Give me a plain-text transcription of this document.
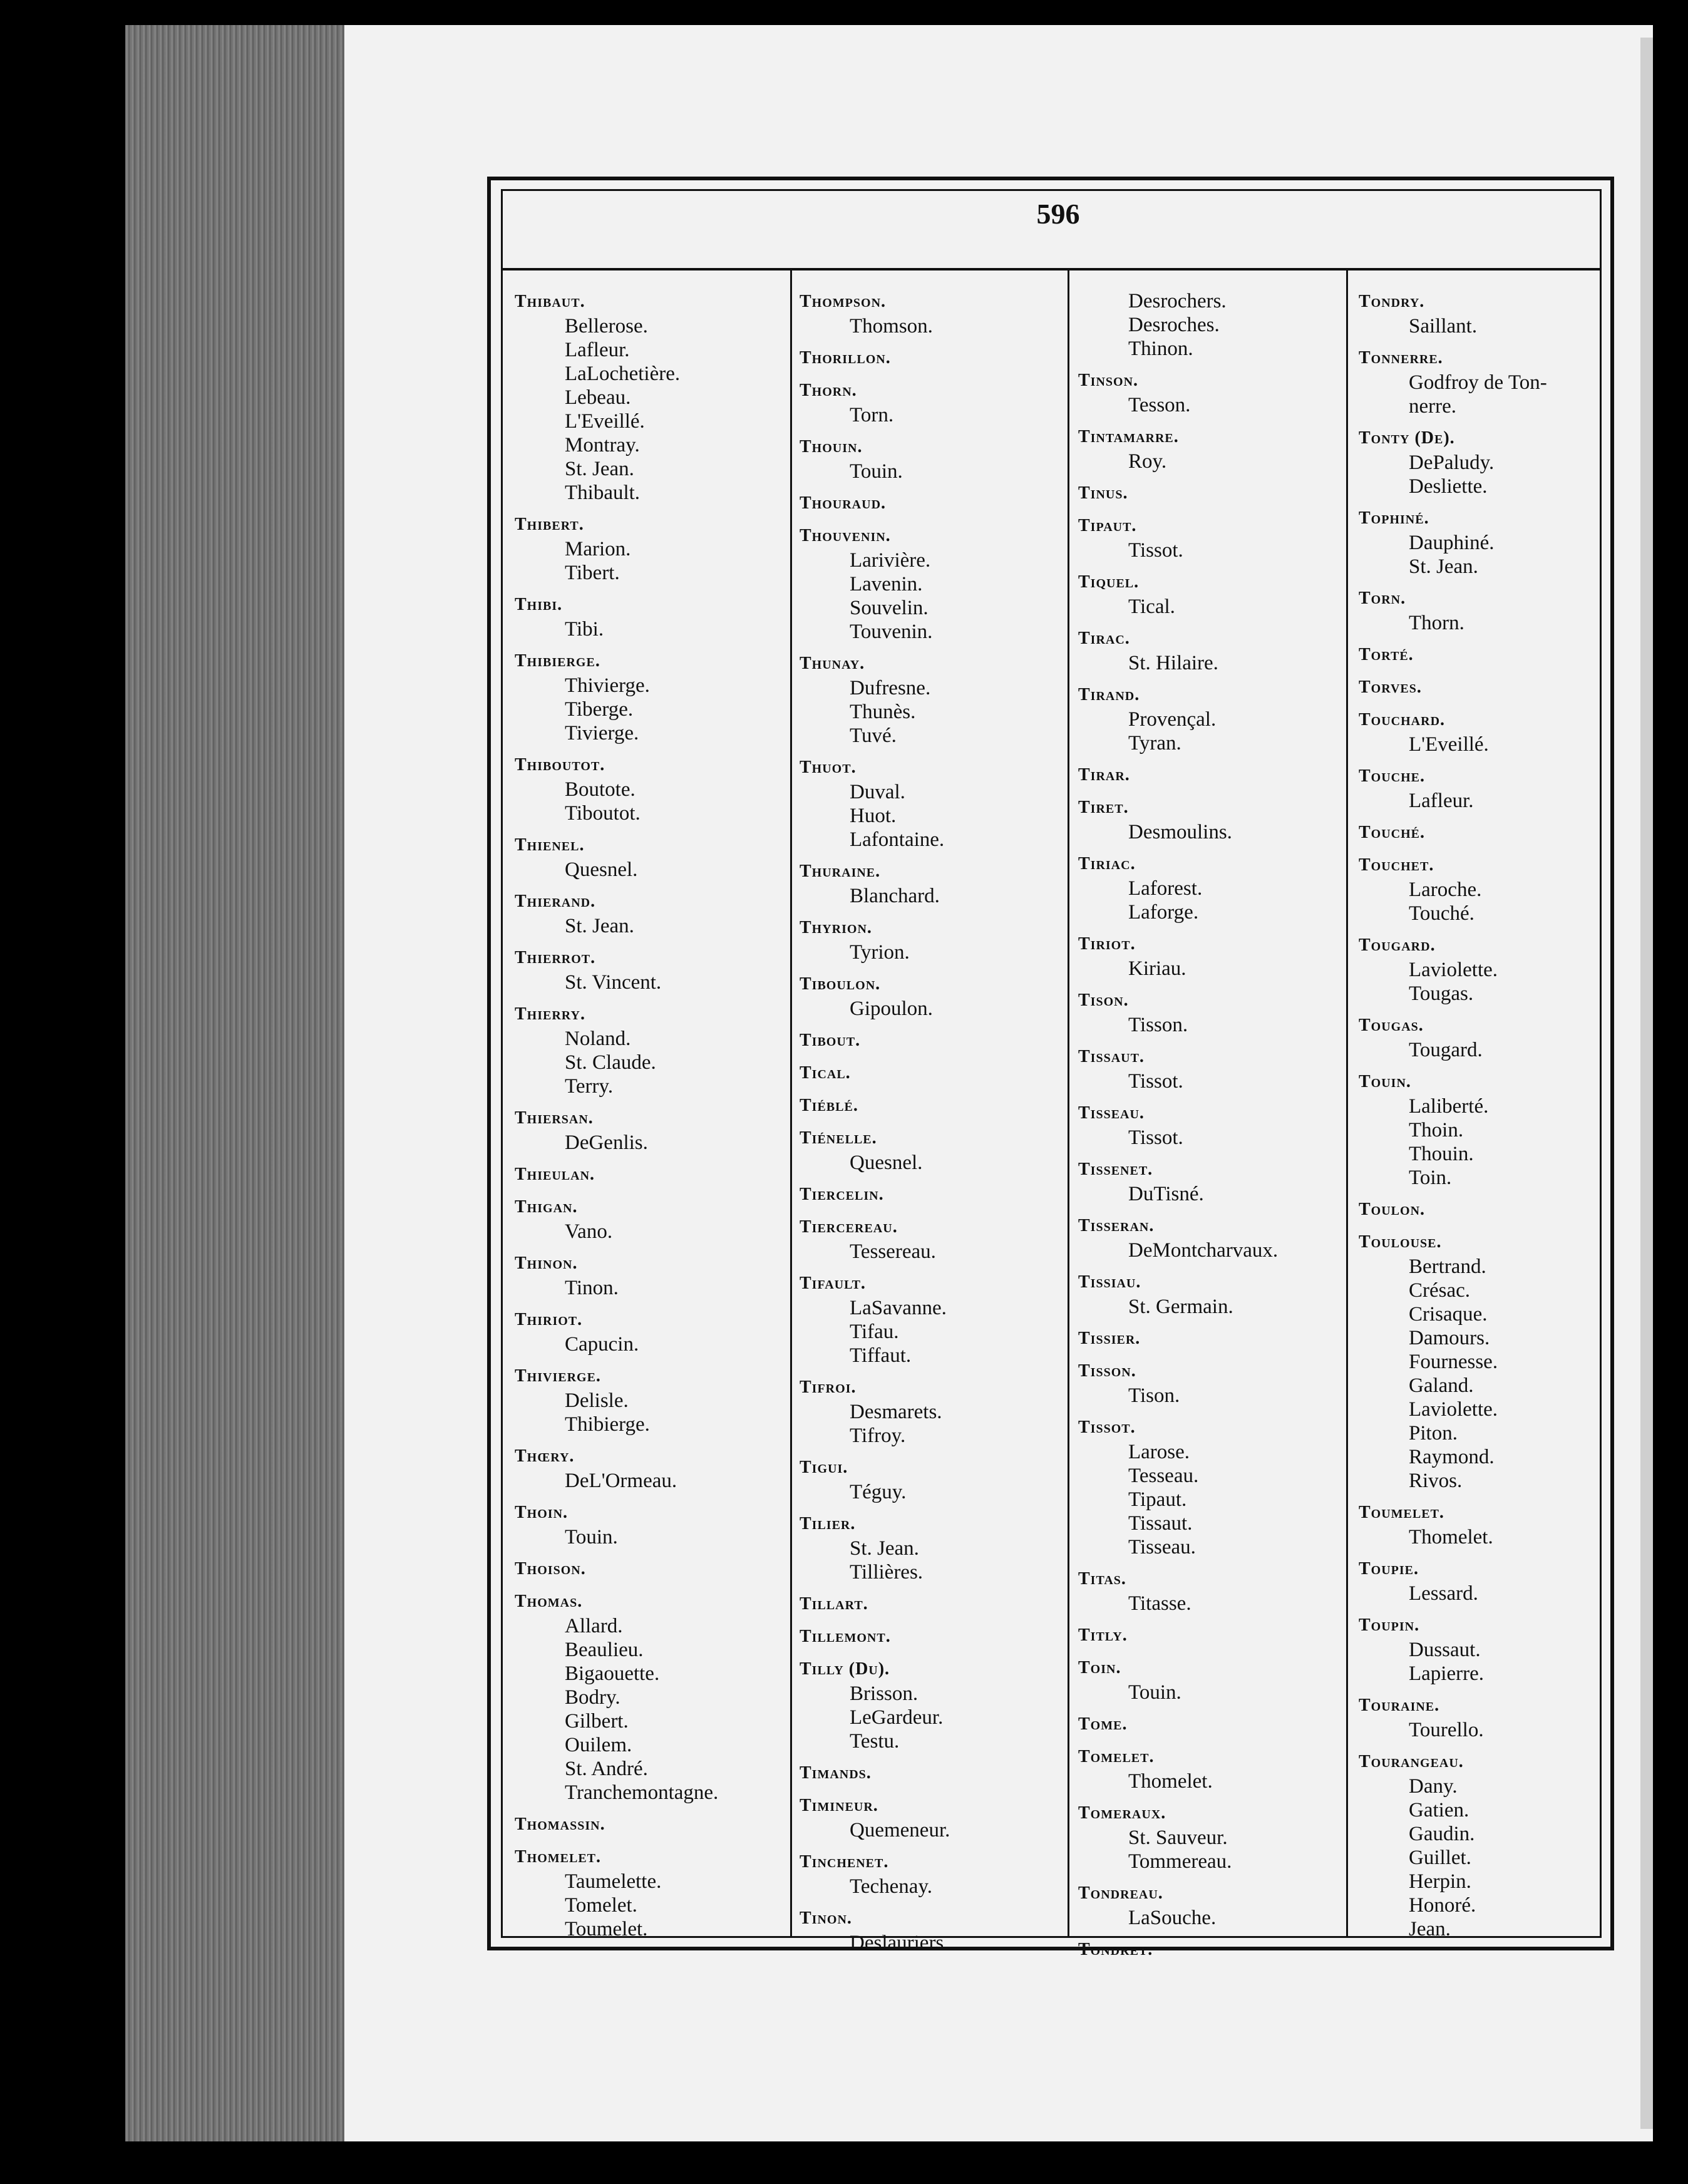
596
Thibaut.
Bellerose.
Lafleur.
LaLochetière.
Lebeau.
L'Eveillé.
Montray.
St. Jean.
Thibault.
Thibert.
Marion.
Tibert.
Thibi.
Tibi.
Thibierge.
Thivierge.
Tiberge.
Tivierge.
Thiboutot.
Boutote.
Tiboutot.
Thienel.
Quesnel.
Thierand.
St. Jean.
Thierrot.
St. Vincent.
Thierry.
Noland.
St. Claude.
Terry.
Thiersan.
DeGenlis.
Thieulan.
Thigan.
Vano.
Thinon.
Tinon.
Thiriot.
Capucin.
Thivierge.
Delisle.
Thibierge.
Thœry.
DeL'Ormeau.
Thoin.
Touin.
Thoison.
Thomas.
Allard.
Beaulieu.
Bigaouette.
Bodry.
Gilbert.
Ouilem.
St. André.
Tranchemontagne.
Thomassin.
Thomelet.
Taumelette.
Tomelet.
Toumelet.
Thompson.
Thomson.
Thorillon.
Thorn.
Torn.
Thouin.
Touin.
Thouraud.
Thouvenin.
Larivière.
Lavenin.
Souvelin.
Touvenin.
Thunay.
Dufresne.
Thunès.
Tuvé.
Thuot.
Duval.
Huot.
Lafontaine.
Thuraine.
Blanchard.
Thyrion.
Tyrion.
Tiboulon.
Gipoulon.
Tibout.
Tical.
Tiéblé.
Tiénelle.
Quesnel.
Tiercelin.
Tiercereau.
Tessereau.
Tifault.
LaSavanne.
Tifau.
Tiffaut.
Tifroi.
Desmarets.
Tifroy.
Tigui.
Téguy.
Tilier.
St. Jean.
Tillières.
Tillart.
Tillemont.
Tilly (Du).
Brisson.
LeGardeur.
Testu.
Timands.
Timineur.
Quemeneur.
Tinchenet.
Techenay.
Tinon.
Deslauriers.
Desrochers.
Desroches.
Thinon.
Tinson.
Tesson.
Tintamarre.
Roy.
Tinus.
Tipaut.
Tissot.
Tiquel.
Tical.
Tirac.
St. Hilaire.
Tirand.
Provençal.
Tyran.
Tirar.
Tiret.
Desmoulins.
Tiriac.
Laforest.
Laforge.
Tiriot.
Kiriau.
Tison.
Tisson.
Tissaut.
Tissot.
Tisseau.
Tissot.
Tissenet.
DuTisné.
Tisseran.
DeMontcharvaux.
Tissiau.
St. Germain.
Tissier.
Tisson.
Tison.
Tissot.
Larose.
Tesseau.
Tipaut.
Tissaut.
Tisseau.
Titas.
Titasse.
Titly.
Toin.
Touin.
Tome.
Tomelet.
Thomelet.
Tomeraux.
St. Sauveur.
Tommereau.
Tondreau.
LaSouche.
Tondret.
Tondry.
Saillant.
Tonnerre.
Godfroy de Ton-
nerre.
Tonty (De).
DePaludy.
Desliette.
Tophiné.
Dauphiné.
St. Jean.
Torn.
Thorn.
Torté.
Torves.
Touchard.
L'Eveillé.
Touche.
Lafleur.
Touché.
Touchet.
Laroche.
Touché.
Tougard.
Laviolette.
Tougas.
Tougas.
Tougard.
Touin.
Laliberté.
Thoin.
Thouin.
Toin.
Toulon.
Toulouse.
Bertrand.
Crésac.
Crisaque.
Damours.
Fournesse.
Galand.
Laviolette.
Piton.
Raymond.
Rivos.
Toumelet.
Thomelet.
Toupie.
Lessard.
Toupin.
Dussaut.
Lapierre.
Touraine.
Tourello.
Tourangeau.
Dany.
Gatien.
Gaudin.
Guillet.
Herpin.
Honoré.
Jean.
